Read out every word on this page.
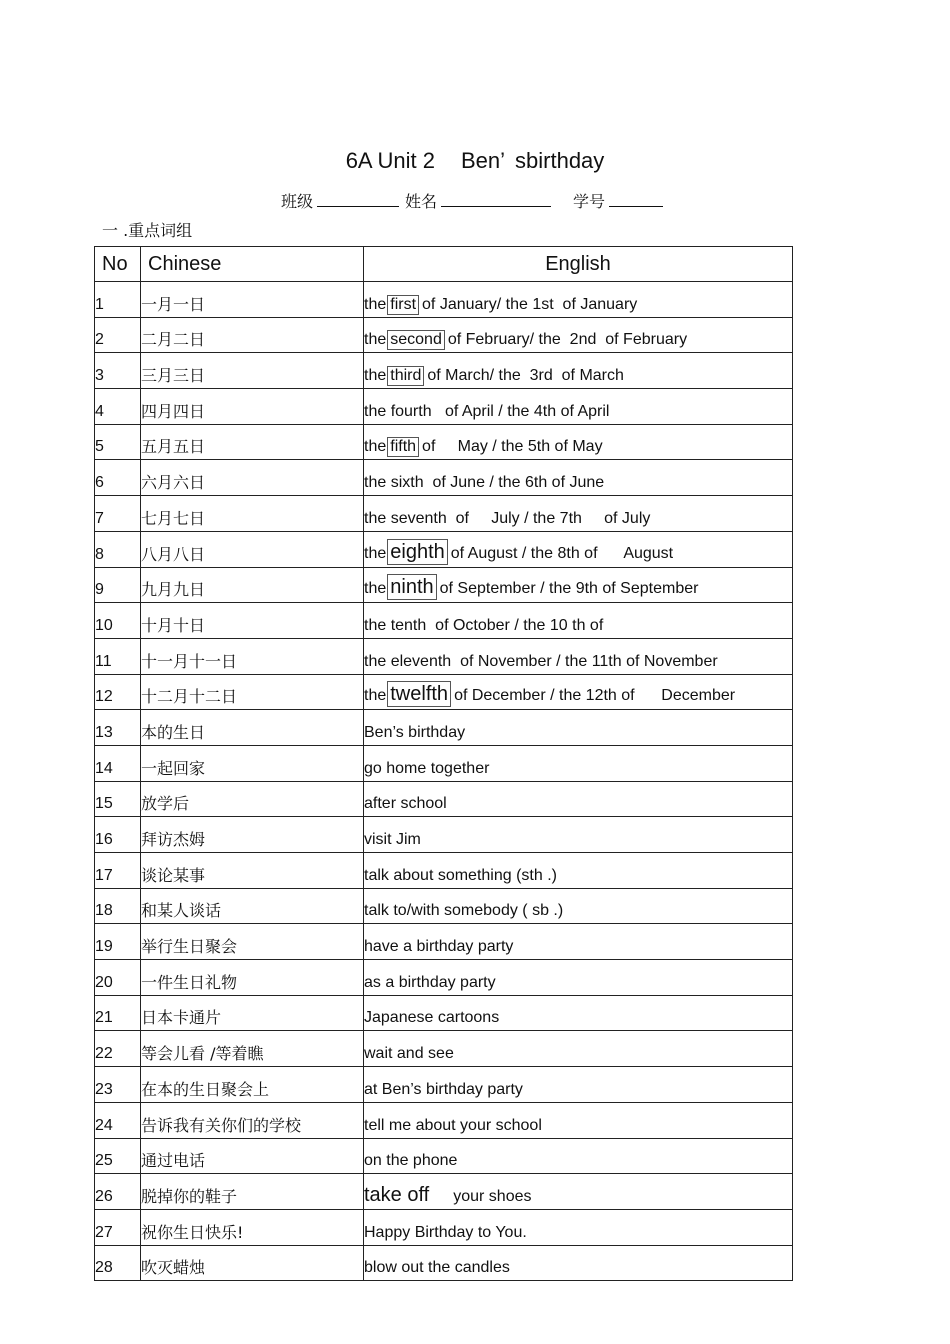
6A Unit 2 Ben’ sbirthday
班级	姓名	学号
一 .重点词组
No	Chinese	English
1	一月一日	the first of January/ the 1st  of January
2	二月二日	the second of February/ the  2nd  of February
3	三月三日	the third of March/ the  3rd  of March
4	四月四日	the fourth   of April / the 4th of April
5	五月五日	the fifth of     May / the 5th of May
6	六月六日	the sixth  of June / the 6th of June
7	七月七日	the seventh  of     July / the 7th     of July
8	八月八日	the eighth of August / the 8th of      August
9	九月九日	the ninth of September / the 9th of September
10	十月十日	the tenth  of October / the 10 th of
11	十一月十一日	the eleventh  of November / the 11th of November
12	十二月十二日	the twelfth of December / the 12th of      December
13	本的生日	Ben’s birthday
14	一起回家	go home together
15	放学后	after school
16	拜访杰姆	visit Jim
17	谈论某事	talk about something (sth .)
18	和某人谈话	talk to/with somebody ( sb .)
19	举行生日聚会	have a birthday party
20	一件生日礼物	as a birthday party
21	日本卡通片	Japanese cartoons
22	等会儿看 /等着瞧	wait and see
23	在本的生日聚会上	at Ben’s birthday party
24	告诉我有关你们的学校	tell me about your school
25	通过电话	on the phone
26	脱掉你的鞋子	take off your shoes
27	祝你生日快乐!	Happy Birthday to You.
28	吹灭蜡烛	blow out the candles
